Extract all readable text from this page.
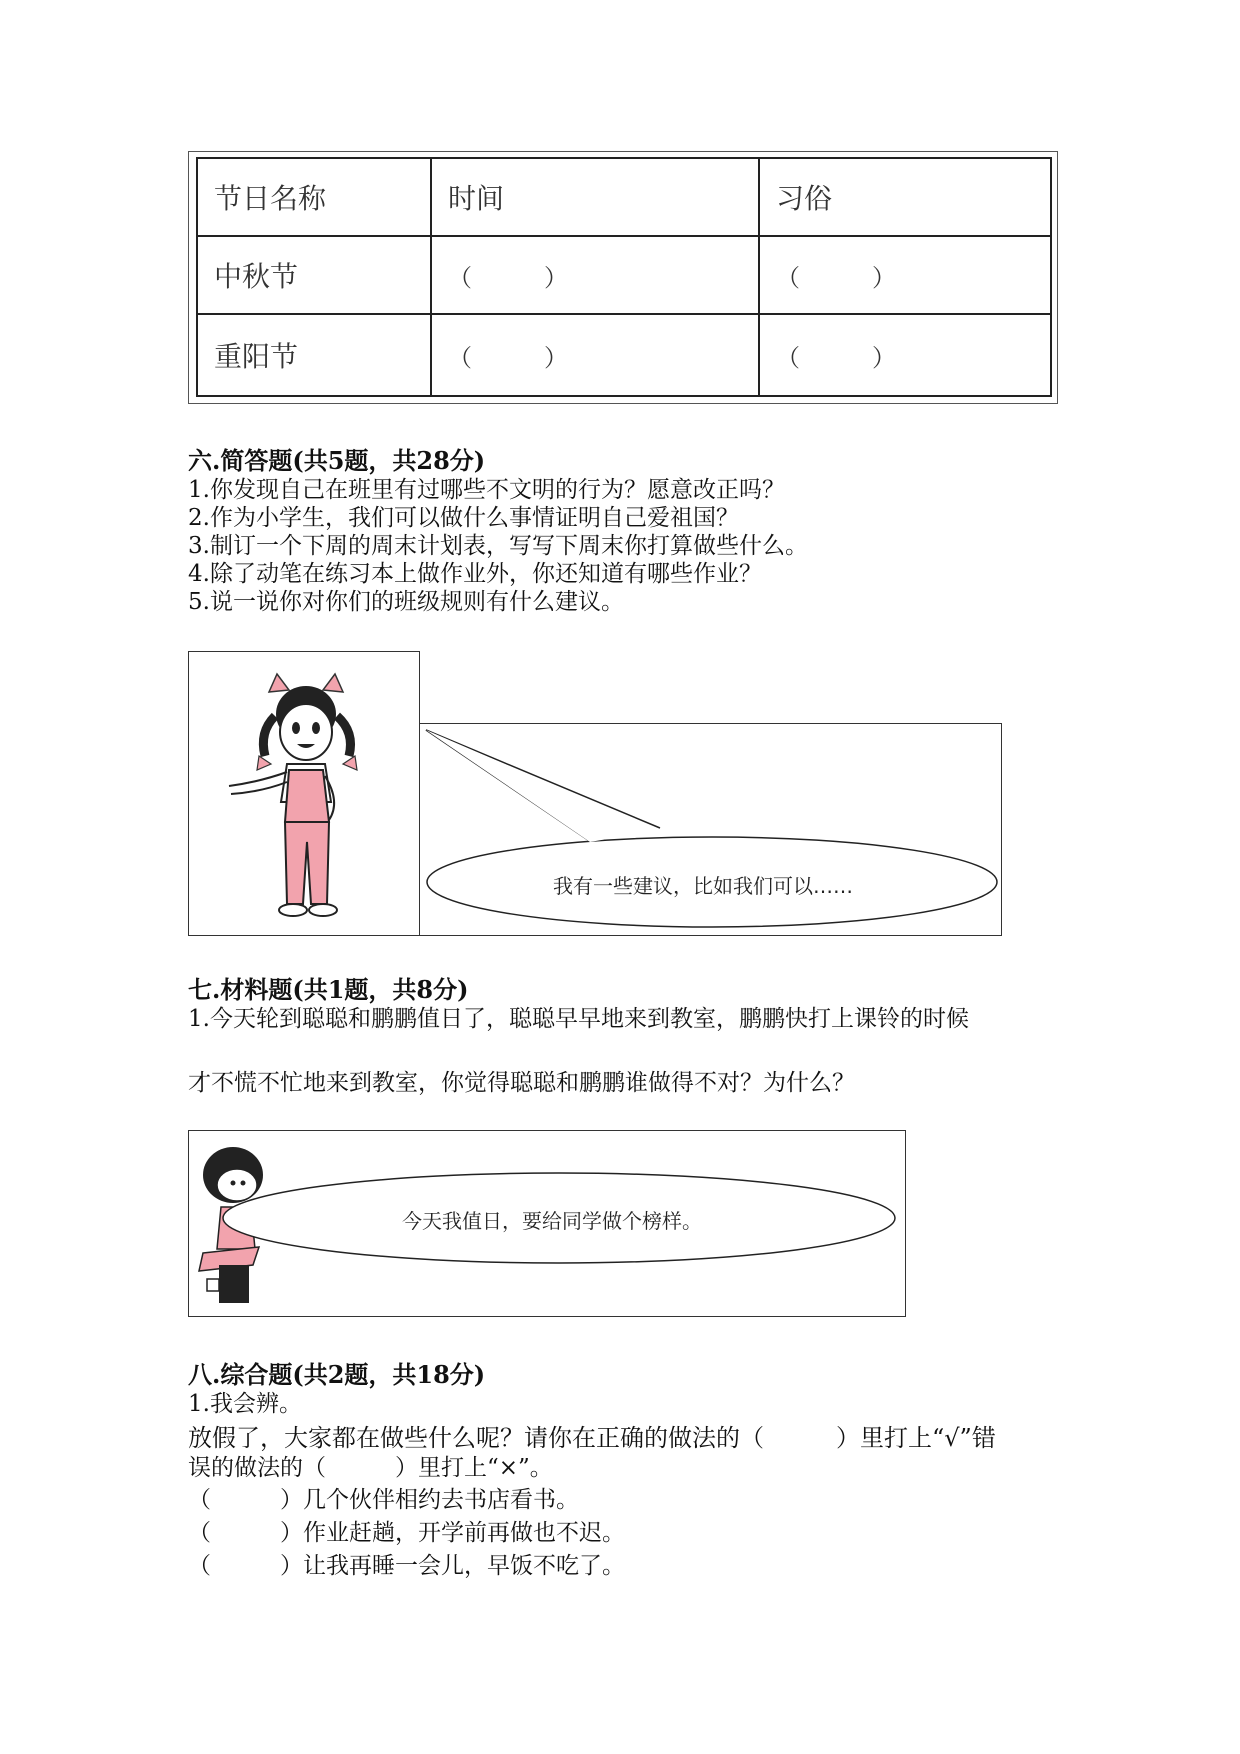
节日名称	时间	习俗
中秋节	（　　　）	（　　　）
重阳节	（　　　）	（　　　）
六.简答题(共5题，共28分)
1.你发现自己在班里有过哪些不文明的行为？愿意改正吗？
2.作为小学生，我们可以做什么事情证明自己爱祖国？
3.制订一个下周的周末计划表，写写下周末你打算做些什么。
4.除了动笔在练习本上做作业外，你还知道有哪些作业？
5.说一说你对你们的班级规则有什么建议。
我有一些建议，比如我们可以……
七.材料题(共1题，共8分)
1.今天轮到聪聪和鹏鹏值日了，聪聪早早地来到教室，鹏鹏快打上课铃的时候
才不慌不忙地来到教室，你觉得聪聪和鹏鹏谁做得不对？为什么？
今天我值日，要给同学做个榜样。
八.综合题(共2题，共18分)
1.我会辨。
放假了，大家都在做些什么呢？请你在正确的做法的（　　　）里打上“√”错
误的做法的（　　　）里打上“×”。
（　　　）几个伙伴相约去书店看书。
（　　　）作业赶趟，开学前再做也不迟。
（　　　）让我再睡一会儿，早饭不吃了。
